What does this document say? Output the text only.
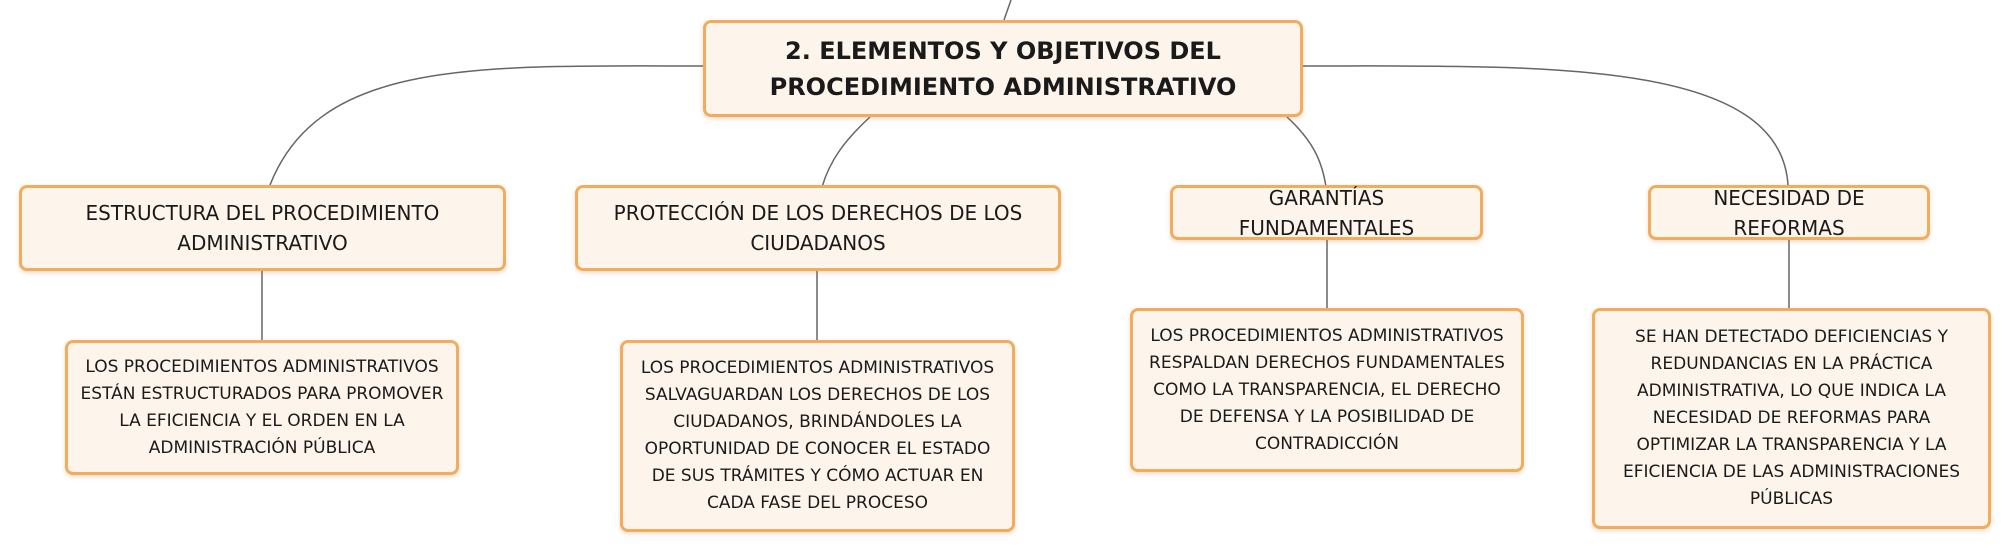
2. ELEMENTOS Y OBJETIVOS DEL PROCEDIMIENTO ADMINISTRATIVO
ESTRUCTURA DEL PROCEDIMIENTO ADMINISTRATIVO
PROTECCIÓN DE LOS DERECHOS DE LOS CIUDADANOS
GARANTÍAS FUNDAMENTALES
NECESIDAD DE REFORMAS
LOS PROCEDIMIENTOS ADMINISTRATIVOS ESTÁN ESTRUCTURADOS PARA PROMOVER LA EFICIENCIA Y EL ORDEN EN LA ADMINISTRACIÓN PÚBLICA
LOS PROCEDIMIENTOS ADMINISTRATIVOS SALVAGUARDAN LOS DERECHOS DE LOS CIUDADANOS, BRINDÁNDOLES LA OPORTUNIDAD DE CONOCER EL ESTADO DE SUS TRÁMITES Y CÓMO ACTUAR EN CADA FASE DEL PROCESO
LOS PROCEDIMIENTOS ADMINISTRATIVOS RESPALDAN DERECHOS FUNDAMENTALES COMO LA TRANSPARENCIA, EL DERECHO DE DEFENSA Y LA POSIBILIDAD DE CONTRADICCIÓN
SE HAN DETECTADO DEFICIENCIAS Y REDUNDANCIAS EN LA PRÁCTICA ADMINISTRATIVA, LO QUE INDICA LA NECESIDAD DE REFORMAS PARA OPTIMIZAR LA TRANSPARENCIA Y LA EFICIENCIA DE LAS ADMINISTRACIONES PÚBLICAS
